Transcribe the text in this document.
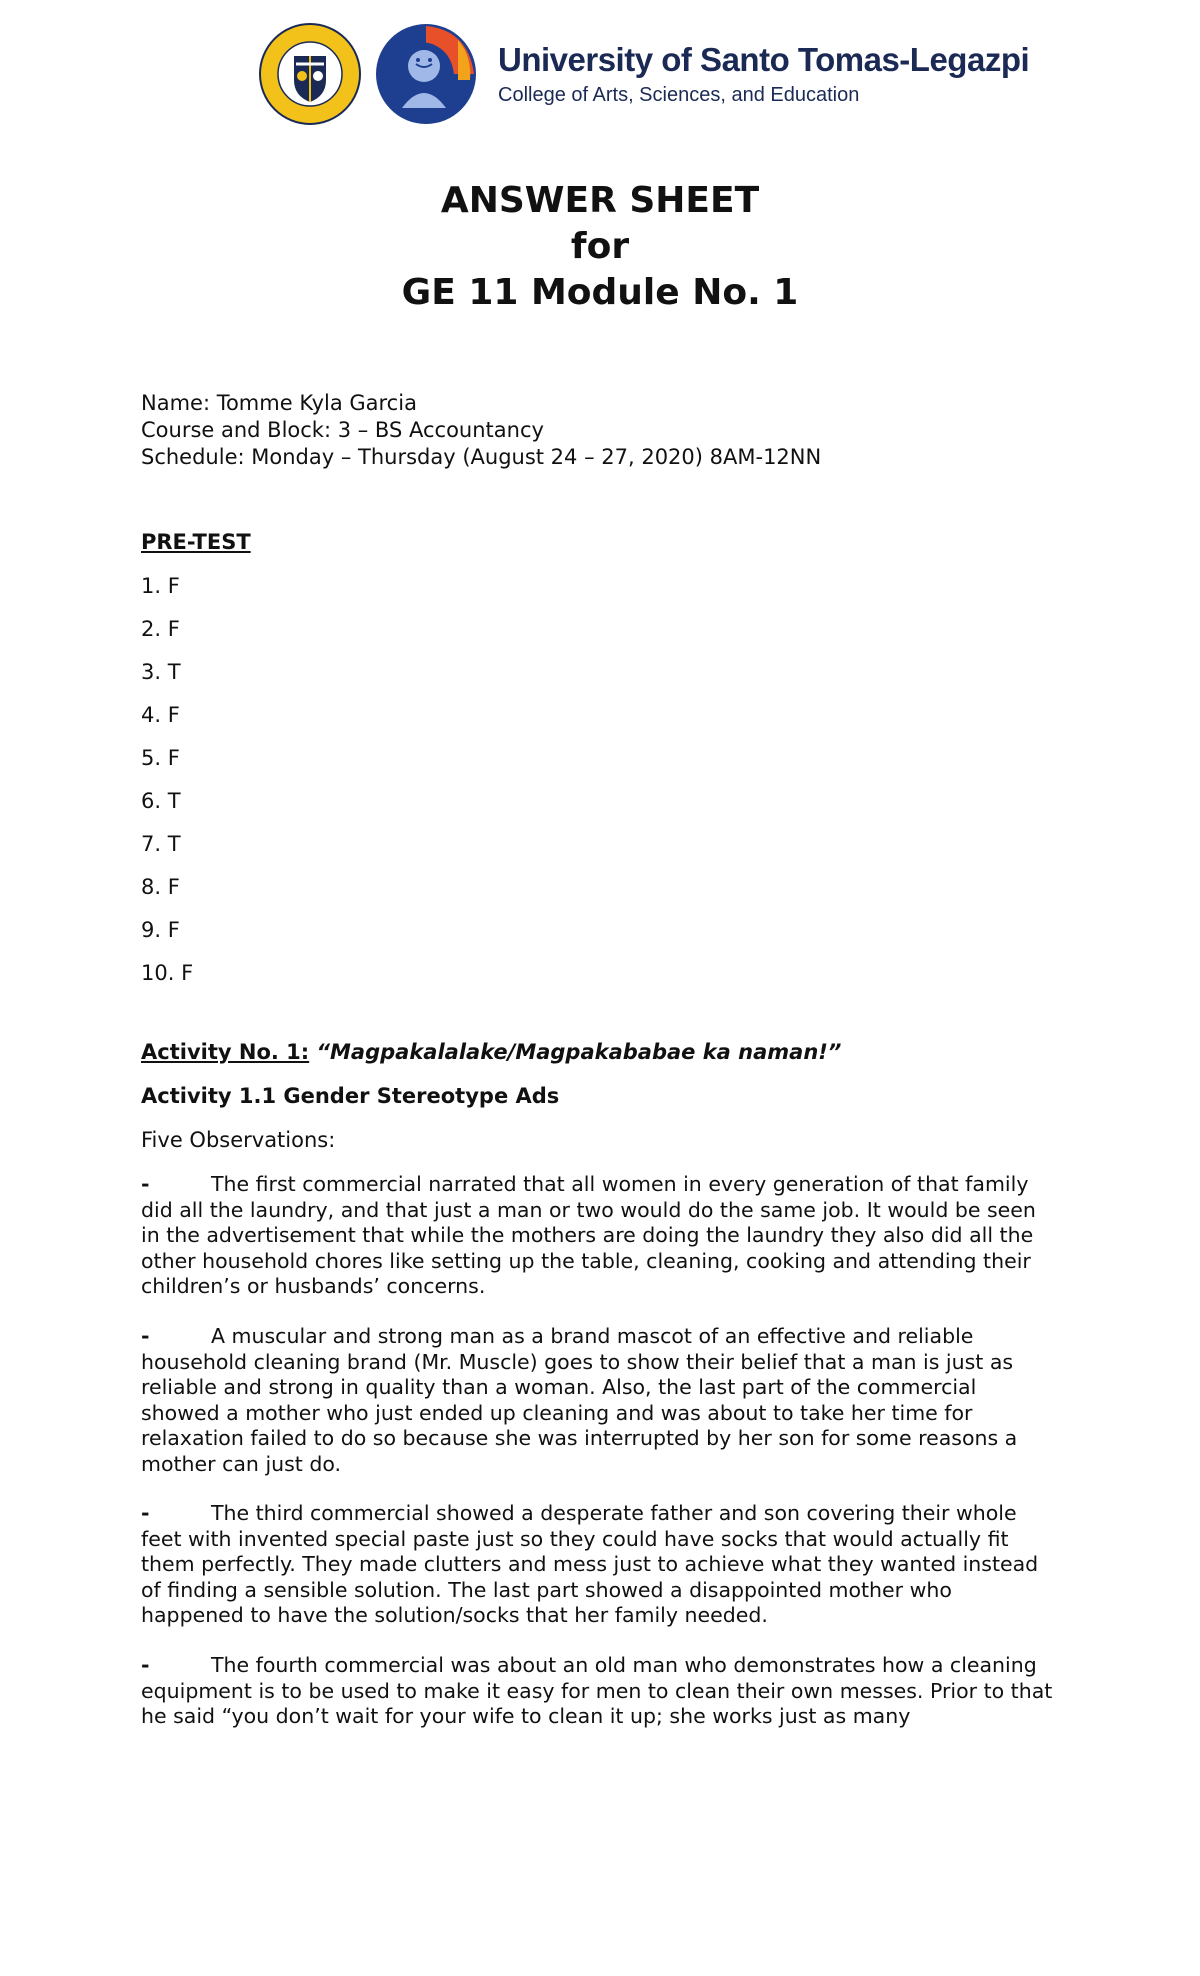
University of Santo Tomas-Legazpi
College of Arts, Sciences, and Education
ANSWER SHEET
for
GE 11 Module No. 1
Name: Tomme Kyla Garcia
Course and Block: 3 – BS Accountancy
Schedule: Monday – Thursday (August 24 – 27, 2020) 8AM-12NN
PRE-TEST
1. F
2. F
3. T
4. F
5. F
6. T
7. T
8. F
9. F
10. F
Activity No. 1: “Magpakalalake/Magpakababae ka naman!”
Activity 1.1 Gender Stereotype Ads
Five Observations:
-	The first commercial narrated that all women in every generation of that family did all the laundry, and that just a man or two would do the same job. It would be seen in the advertisement that while the mothers are doing the laundry they also did all the other household chores like setting up the table, cleaning, cooking and attending their children’s or husbands’ concerns.
-	A muscular and strong man as a brand mascot of an effective and reliable household cleaning brand (Mr. Muscle) goes to show their belief that a man is just as reliable and strong in quality than a woman. Also, the last part of the commercial showed a mother who just ended up cleaning and was about to take her time for relaxation failed to do so because she was interrupted by her son for some reasons a mother can just do.
-	The third commercial showed a desperate father and son covering their whole feet with invented special paste just so they could have socks that would actually fit them perfectly. They made clutters and mess just to achieve what they wanted instead of finding a sensible solution. The last part showed a disappointed mother who happened to have the solution/socks that her family needed.
-	The fourth commercial was about an old man who demonstrates how a cleaning equipment is to be used to make it easy for men to clean their own messes. Prior to that he said “you don’t wait for your wife to clean it up; she works just as many
